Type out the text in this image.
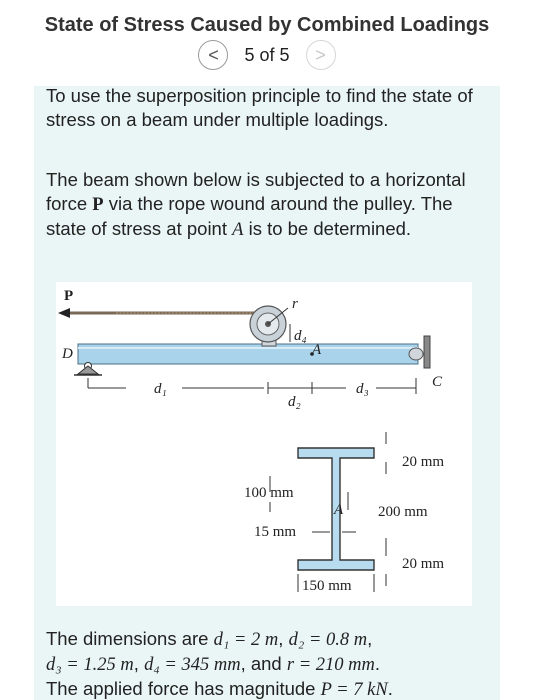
State of Stress Caused by Combined Loadings
<	5 of 5	>

To use the superposition principle to find the state of stress on a beam under multiple loadings.

The beam shown below is subjected to a horizontal force P via the rope wound around the pulley. The state of stress at point A is to be determined.

P	r
d₄
A
D
C
d₁
d₂
d₃
A
20 mm
100 mm
200 mm
15 mm
20 mm
150 mm

The dimensions are d₁ = 2 m, d₂ = 0.8 m,
d₃ = 1.25 m, d₄ = 345 mm, and r = 210 mm.
The applied force has magnitude P = 7 kN.
